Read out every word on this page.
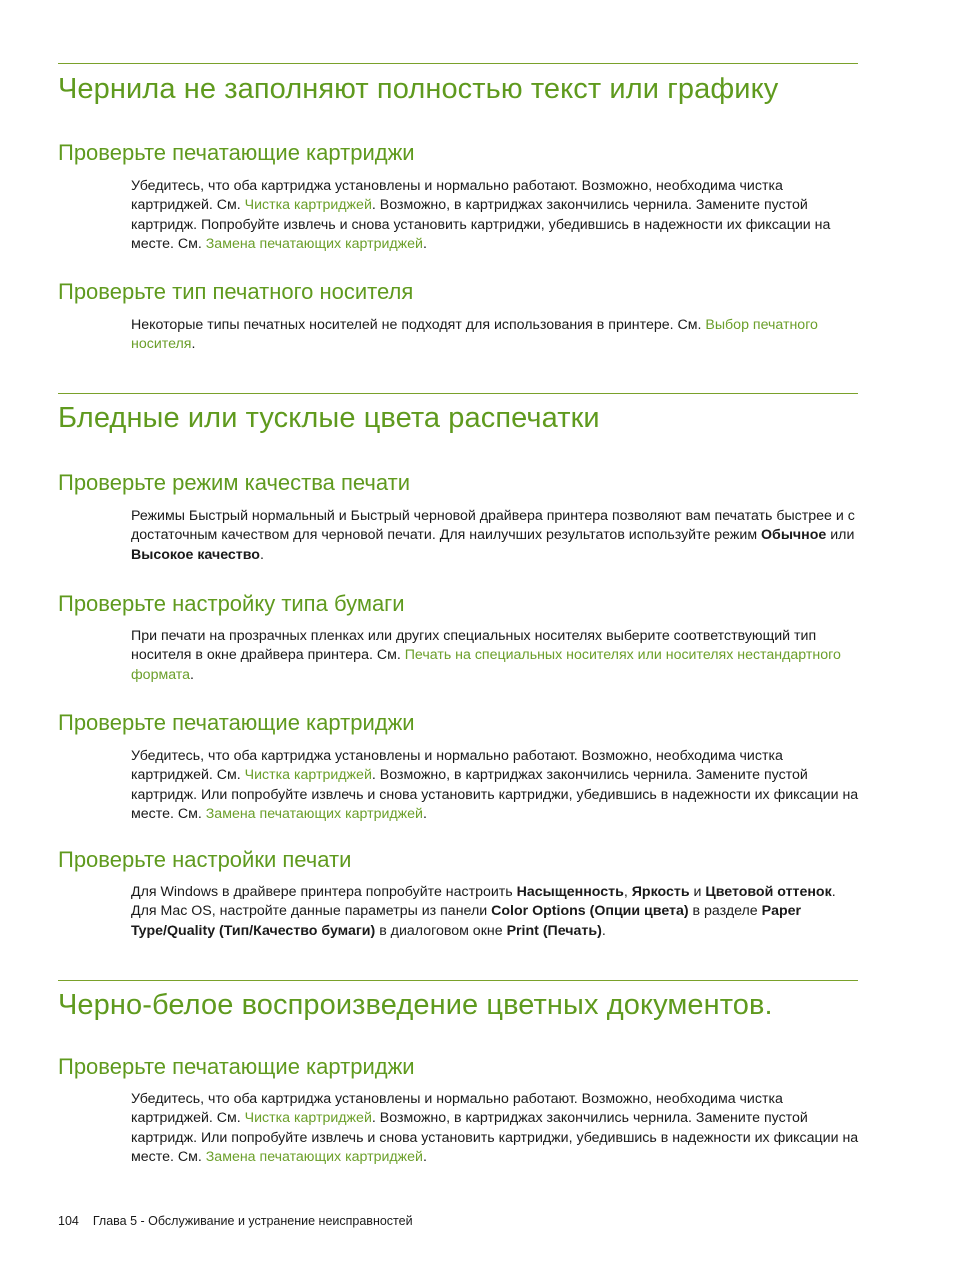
Чернила не заполняют полностью текст или графику
Проверьте печатающие картриджи

Убедитесь, что оба картриджа установлены и нормально работают. Возможно, необходима чистка картриджей. См. Чистка картриджей. Возможно, в картриджах закончились чернила. Замените пустой картридж. Попробуйте извлечь и снова установить картриджи, убедившись в надежности их фиксации на месте. См. Замена печатающих картриджей.

Проверьте тип печатного носителя

Некоторые типы печатных носителей не подходят для использования в принтере. См. Выбор печатного носителя.

Бледные или тусклые цвета распечатки
Проверьте режим качества печати

Режимы Быстрый нормальный и Быстрый черновой драйвера принтера позволяют вам печатать быстрее и с достаточным качеством для черновой печати. Для наилучших результатов используйте режим Обычное или Высокое качество.

Проверьте настройку типа бумаги

При печати на прозрачных пленках или других специальных носителях выберите соответствующий тип носителя в окне драйвера принтера. См. Печать на специальных носителях или носителях нестандартного формата.

Проверьте печатающие картриджи

Убедитесь, что оба картриджа установлены и нормально работают. Возможно, необходима чистка картриджей. См. Чистка картриджей. Возможно, в картриджах закончились чернила. Замените пустой картридж. Или попробуйте извлечь и снова установить картриджи, убедившись в надежности их фиксации на месте. См. Замена печатающих картриджей.

Проверьте настройки печати

Для Windows в драйвере принтера попробуйте настроить Насыщенность, Яркость и Цветовой оттенок. Для Mac OS, настройте данные параметры из панели Color Options (Опции цвета) в разделе Paper Type/Quality (Тип/Качество бумаги) в диалоговом окне Print (Печать).

Черно-белое воспроизведение цветных документов.
Проверьте печатающие картриджи

Убедитесь, что оба картриджа установлены и нормально работают. Возможно, необходима чистка картриджей. См. Чистка картриджей. Возможно, в картриджах закончились чернила. Замените пустой картридж. Или попробуйте извлечь и снова установить картриджи, убедившись в надежности их фиксации на месте. См. Замена печатающих картриджей.

104 Глава 5 - Обслуживание и устранение неисправностей
